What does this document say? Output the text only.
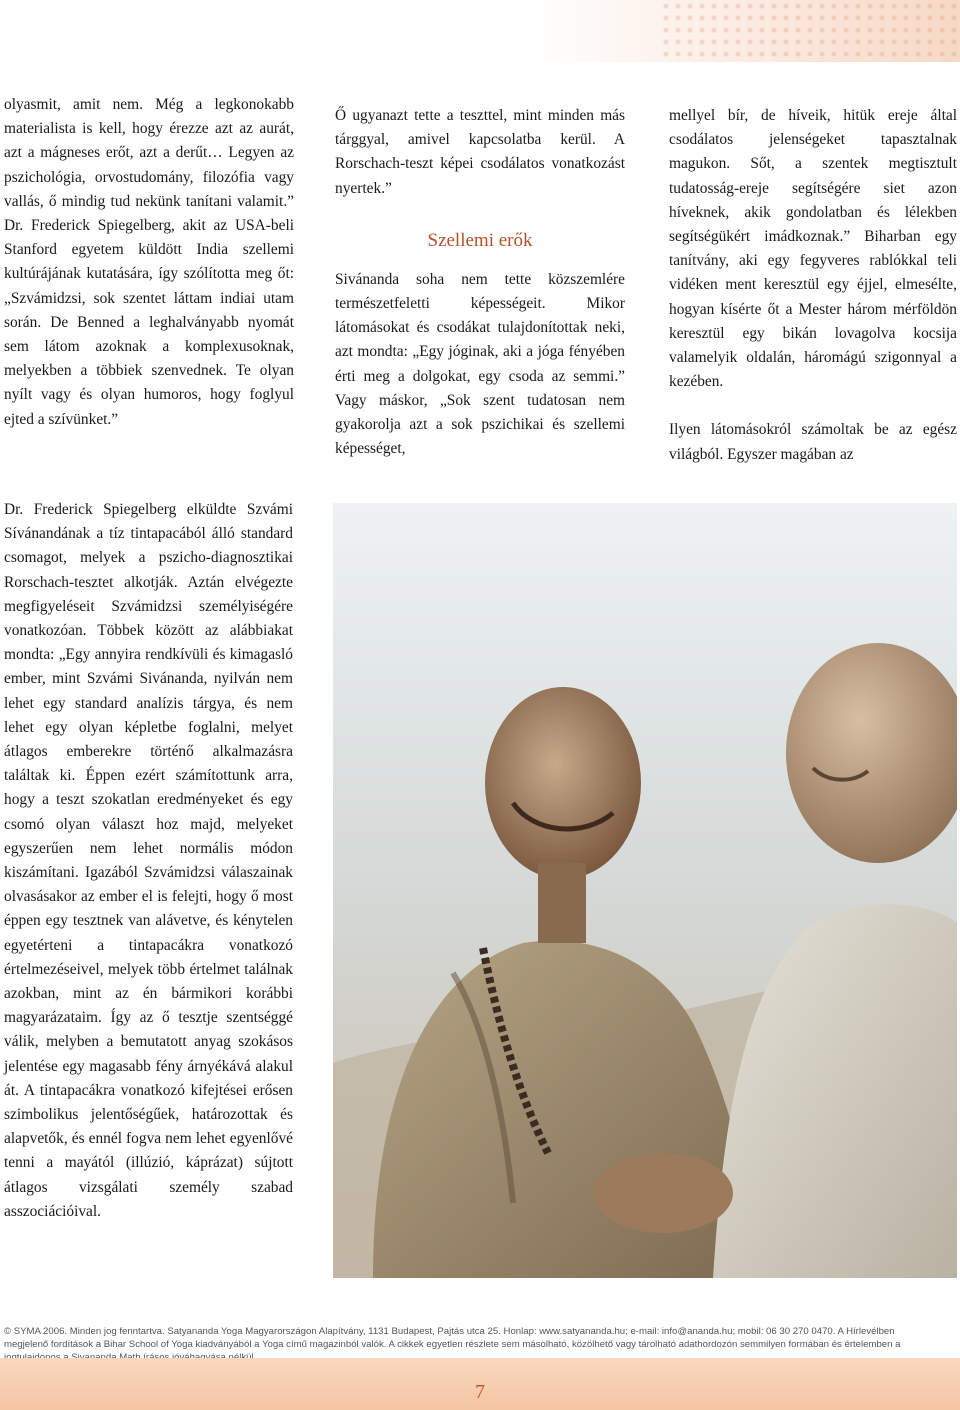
olyasmit, amit nem. Még a legkonokabb materialista is kell, hogy érezze azt az aurát, azt a mágneses erőt, azt a derűt… Legyen az pszichológia, orvostudomány, filozófia vagy vallás, ő mindig tud nekünk tanítani valamit.” Dr. Frederick Spiegelberg, akit az USA-beli Stanford egyetem küldött India szellemi kultúrájának kutatására, így szólította meg őt: „Szvámidzsi, sok szentet láttam indiai utam során. De Benned a leghalványabb nyomát sem látom azoknak a komplexusoknak, melyekben a többiek szenvednek. Te olyan nyílt vagy és olyan humoros, hogy foglyul ejted a szívünket.”

Dr. Frederick Spiegelberg elküldte Szvámi Sívánandának a tíz tintapacából álló standard csomagot, melyek a pszicho-diagnosztikai Rorschach-tesztet alkotják. Aztán elvégezte megfigyeléseit Szvámidzsi személyiségére vonatkozóan. Többek között az alábbiakat mondta: „Egy annyira rendkívüli és kimagasló ember, mint Szvámi Sivánanda, nyilván nem lehet egy standard analízis tárgya, és nem lehet egy olyan képletbe foglalni, melyet átlagos emberekre történő alkalmazásra találtak ki. Éppen ezért számítottunk arra, hogy a teszt szokatlan eredményeket és egy csomó olyan választ hoz majd, melyeket egyszerűen nem lehet normális módon kiszámítani. Igazából Szvámidzsi válaszainak olvasásakor az ember el is felejti, hogy ő most éppen egy tesztnek van alávetve, és kénytelen egyetérteni a tintapacákra vonatkozó értelmezéseivel, melyek több értelmet találnak azokban, mint az én bármikori korábbi magyarázataim. Így az ő tesztje szentséggé válik, melyben a bemutatott anyag szokásos jelentése egy magasabb fény árnyékává alakul át. A tintapacákra vonatkozó kifejtései erősen szimbolikus jelentőségűek, határozottak és alapvetők, és ennél fogva nem lehet egyenlővé tenni a mayától (illúzió, káprázat) sújtott átlagos vizsgálati személy szabad asszociációival.

Ő ugyanazt tette a teszttel, mint minden más tárggyal, amivel kapcsolatba kerül. A Rorschach-teszt képei csodálatos vonatkozást nyertek.”

Szellemi erők

Sivánanda soha nem tette közszemlére természetfeletti képességeit. Mikor látomásokat és csodákat tulajdonítottak neki, azt mondta: „Egy jóginak, aki a jóga fényében érti meg a dolgokat, egy csoda az semmi.” Vagy máskor, „Sok szent tudatosan nem gyakorolja azt a sok pszichikai és szellemi képességet,

mellyel bír, de híveik, hitük ereje által csodálatos jelenségeket tapasztalnak magukon. Sőt, a szentek megtisztult tudatosság-ereje segítségére siet azon híveknek, akik gondolatban és lélekben segítségükért imádkoznak.” Biharban egy tanítvány, aki egy fegyveres rablókkal teli vidéken ment keresztül egy éjjel, elmesélte, hogyan kísérte őt a Mester három mérföldön keresztül egy bikán lovagolva kocsija valamelyik oldalán, háromágú szigonnyal a kezében.

Ilyen látomásokról számoltak be az egész világból. Egyszer magában az

© SYMA 2006. Minden jog fenntartva. Satyananda Yoga Magyarországon Alapítvány, 1131 Budapest, Pajtás utca 25. Honlap: www.satyananda.hu; e-mail: info@ananda.hu; mobil: 06 30 270 0470. A Hírlevélben
megjelenő fordítások a Bihar School of Yoga kiadványából a Yoga című magazinból valók. A cikkek egyetlen részlete sem másolható, közölhető vagy tárolható adathordozón semmilyen formában és értelemben a
7
